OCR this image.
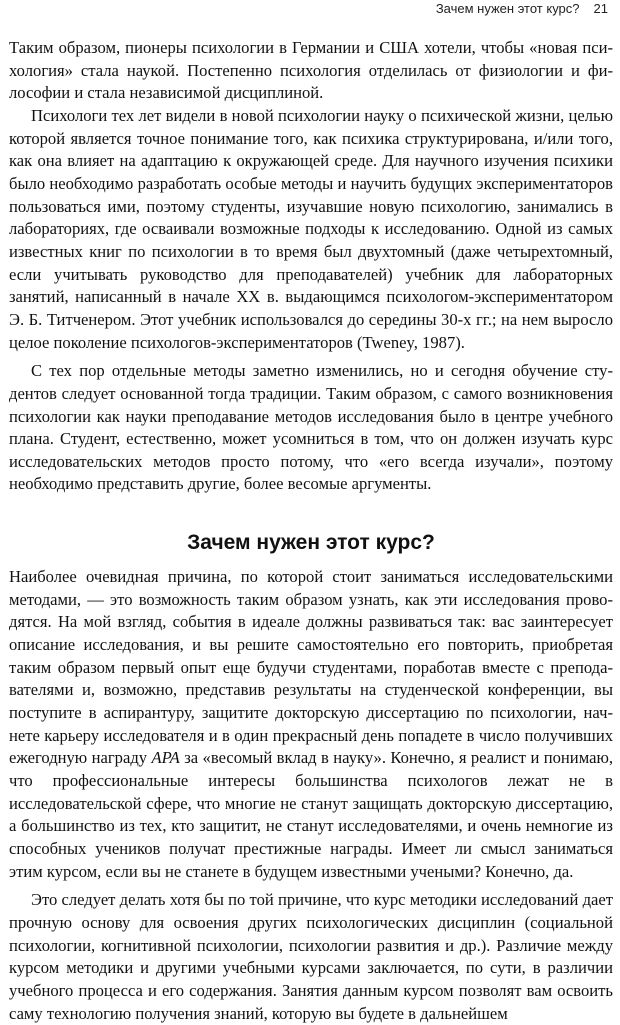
Зачем нужен этот курс? 21

Таким образом, пионеры психологии в Германии и США хотели, чтобы «новая психология» стала наукой. Постепенно психология отделилась от физиологии и философии и стала независимой дисциплиной.

Психологи тех лет видели в новой психологии науку о психической жизни, целью которой является точное понимание того, как психика структурирована, и/или того, как она влияет на адаптацию к окружающей среде. Для научного изучения психики было необходимо разработать особые методы и научить будущих экспериментаторов пользоваться ими, поэтому студенты, изучавшие новую психологию, занимались в лабораториях, где осваивали возможные подходы к исследованию. Одной из самых известных книг по психологии в то время был двухтомный (даже четырехтомный, если учитывать руководство для преподавателей) учебник для лабораторных занятий, написанный в начале XX в. выдающимся психологом-экспериментатором Э. Б. Титченером. Этот учебник использовался до середины 30-х гг.; на нем выросло целое поколение психологов-экспериментаторов (Tweney, 1987).

С тех пор отдельные методы заметно изменились, но и сегодня обучение студентов следует основанной тогда традиции. Таким образом, с самого возникновения психологии как науки преподавание методов исследования было в центре учебного плана. Студент, естественно, может усомниться в том, что он должен изучать курс исследовательских методов просто потому, что «его всегда изучали», поэтому необходимо представить другие, более весомые аргументы.

Зачем нужен этот курс?

Наиболее очевидная причина, по которой стоит заниматься исследовательскими методами, — это возможность таким образом узнать, как эти исследования проводятся. На мой взгляд, события в идеале должны развиваться так: вас заинтересует описание исследования, и вы решите самостоятельно его повторить, приобретая таким образом первый опыт еще будучи студентами, поработав вместе с преподавателями и, возможно, представив результаты на студенческой конференции, вы поступите в аспирантуру, защитите докторскую диссертацию по психологии, начнете карьеру исследователя и в один прекрасный день попадете в число получивших ежегодную награду APA за «весомый вклад в науку». Конечно, я реалист и понимаю, что профессиональные интересы большинства психологов лежат не в исследовательской сфере, что многие не станут защищать докторскую диссертацию, а большинство из тех, кто защитит, не станут исследователями, и очень немногие из способных учеников получат престижные награды. Имеет ли смысл заниматься этим курсом, если вы не станете в будущем известными учеными? Конечно, да.

Это следует делать хотя бы по той причине, что курс методики исследований дает прочную основу для освоения других психологических дисциплин (социальной психологии, когнитивной психологии, психологии развития и др.). Различие между курсом методики и другими учебными курсами заключается, по сути, в различии учебного процесса и его содержания. Занятия данным курсом позволят вам освоить саму технологию получения знаний, которую вы будете в дальнейшем
